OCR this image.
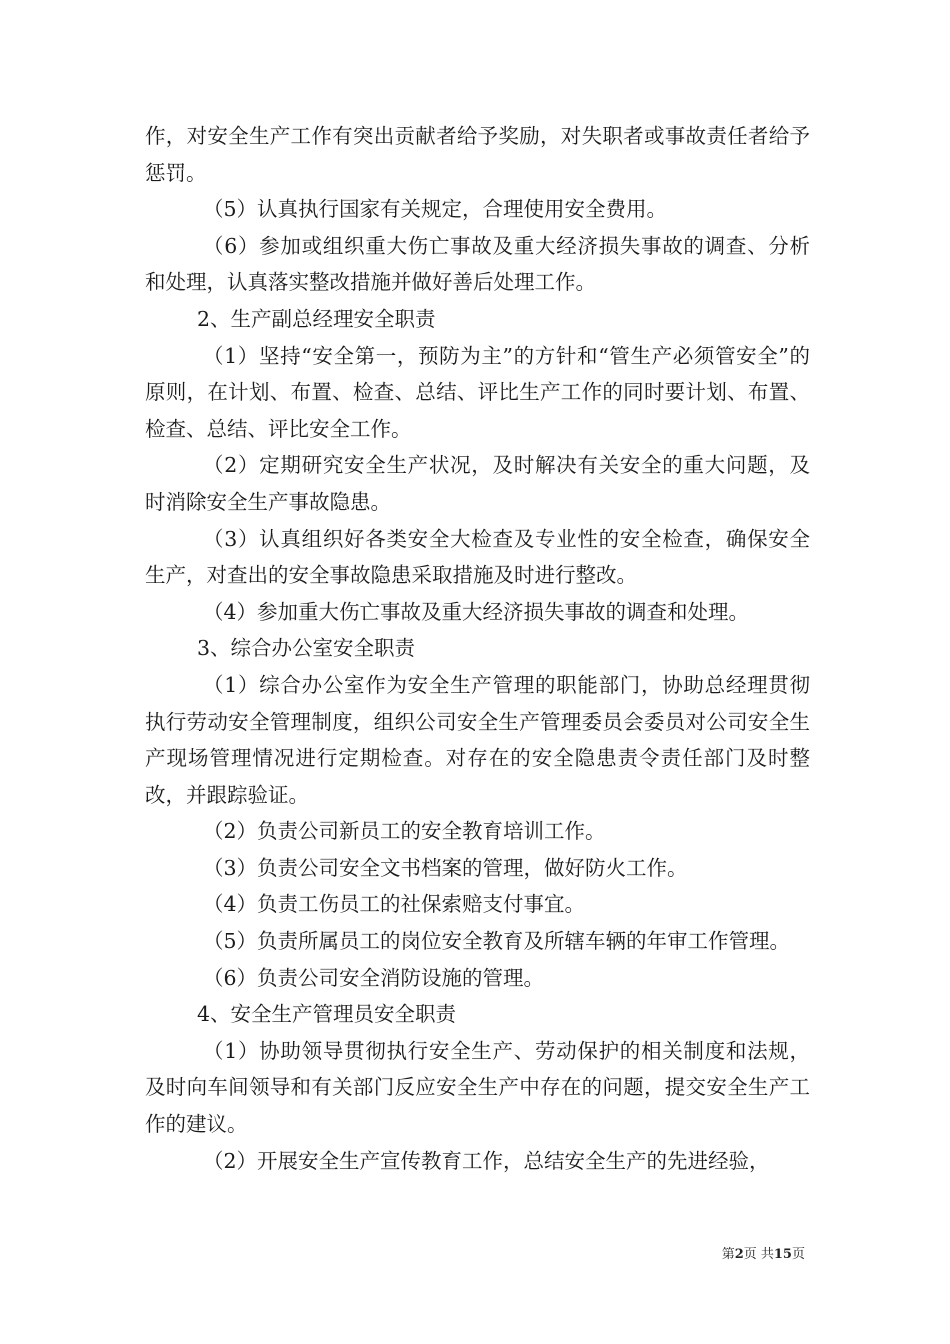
作，对安全生产工作有突出贡献者给予奖励，对失职者或事故责任者给予惩罚。

（5）认真执行国家有关规定，合理使用安全费用。

（6）参加或组织重大伤亡事故及重大经济损失事故的调查、分析和处理，认真落实整改措施并做好善后处理工作。

2、生产副总经理安全职责

（1）坚持“安全第一，预防为主”的方针和“管生产必须管安全”的原则，在计划、布置、检查、总结、评比生产工作的同时要计划、布置、检查、总结、评比安全工作。

（2）定期研究安全生产状况，及时解决有关安全的重大问题，及时消除安全生产事故隐患。

（3）认真组织好各类安全大检查及专业性的安全检查，确保安全生产，对查出的安全事故隐患采取措施及时进行整改。

（4）参加重大伤亡事故及重大经济损失事故的调查和处理。

3、综合办公室安全职责

（1）综合办公室作为安全生产管理的职能部门，协助总经理贯彻执行劳动安全管理制度，组织公司安全生产管理委员会委员对公司安全生产现场管理情况进行定期检查。对存在的安全隐患责令责任部门及时整改，并跟踪验证。

（2）负责公司新员工的安全教育培训工作。

（3）负责公司安全文书档案的管理，做好防火工作。

（4）负责工伤员工的社保索赔支付事宜。

（5）负责所属员工的岗位安全教育及所辖车辆的年审工作管理。

（6）负责公司安全消防设施的管理。

4、安全生产管理员安全职责

（1）协助领导贯彻执行安全生产、劳动保护的相关制度和法规，及时向车间领导和有关部门反应安全生产中存在的问题，提交安全生产工作的建议。

（2）开展安全生产宣传教育工作，总结安全生产的先进经验，

第2页 共15页
